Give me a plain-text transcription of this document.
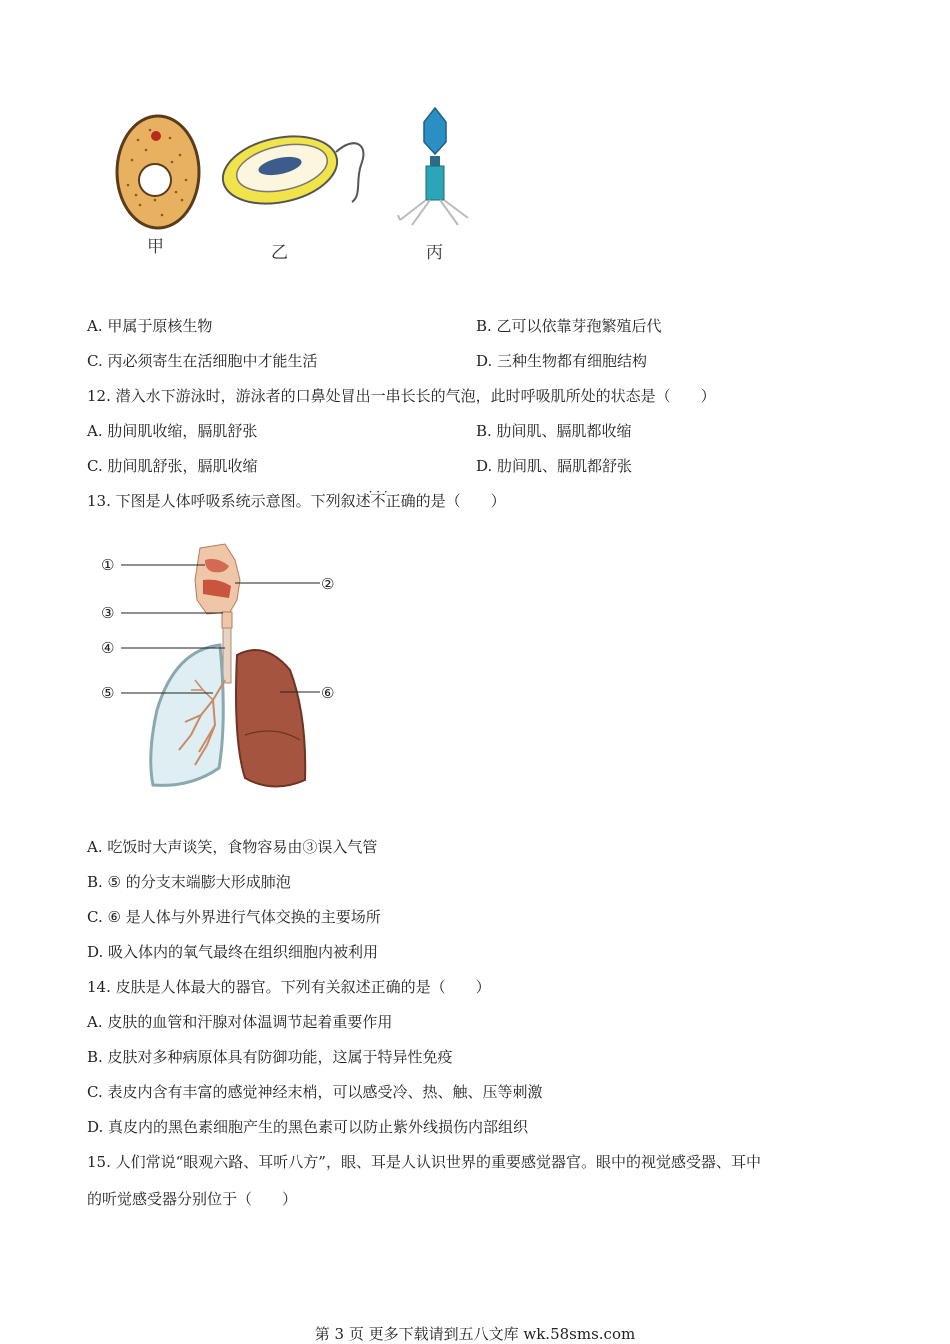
甲	乙	丙
A. 甲属于原核生物	B. 乙可以依靠芽孢繁殖后代
C. 丙必须寄生在活细胞中才能生活	D. 三种生物都有细胞结构
12. 潜入水下游泳时，游泳者的口鼻处冒出一串长长的气泡，此时呼吸肌所处的状态是（　　）
A. 肋间肌收缩，膈肌舒张	B. 肋间肌、膈肌都收缩
C. 肋间肌舒张，膈肌收缩	D. 肋间肌、膈肌都舒张
13. 下图是人体呼吸系统示意图。下列叙述· · · 不正确的是（　　）
①
②
③
④
⑤	⑥
A. 吃饭时大声谈笑，食物容易由③误入气管
B. ⑤ 的分支末端膨大形成肺泡
C. ⑥ 是人体与外界进行气体交换的主要场所
D. 吸入体内的氧气最终在组织细胞内被利用
14. 皮肤是人体最大的器官。下列有关叙述正确的是（　　）
A. 皮肤的血管和汗腺对体温调节起着重要作用
B. 皮肤对多种病原体具有防御功能，这属于特异性免疫
C. 表皮内含有丰富的感觉神经末梢，可以感受冷、热、触、压等刺激
D. 真皮内的黑色素细胞产生的黑色素可以防止紫外线损伤内部组织
15. 人们常说“眼观六路、耳听八方”，眼、耳是人认识世界的重要感觉器官。眼中的视觉感受器、耳中
的听觉感受器分别位于（　　）
第 3 页 更多下载请到五八文库 wk.58sms.com
